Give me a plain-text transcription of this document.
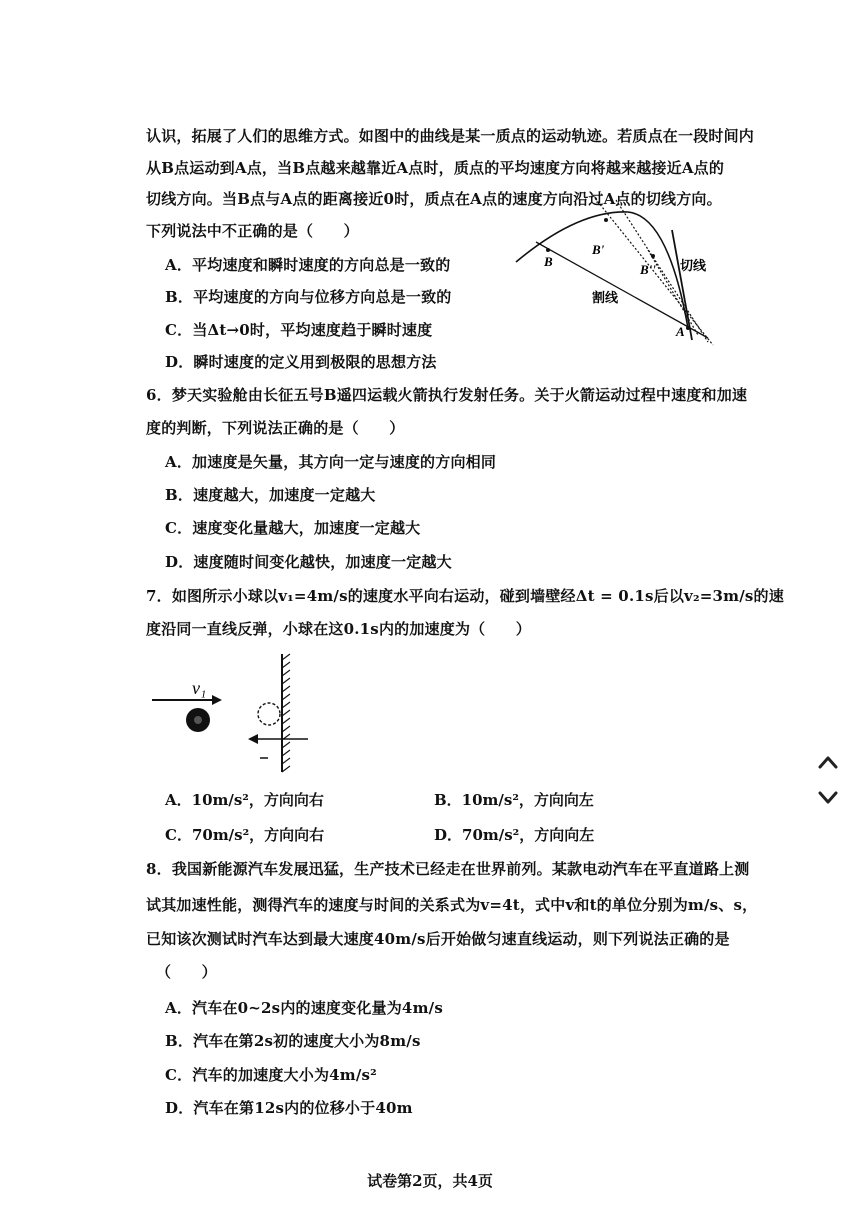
认识，拓展了人们的思维方式。如图中的曲线是某一质点的运动轨迹。若质点在一段时间内
从B点运动到A点，当B点越来越靠近A点时，质点的平均速度方向将越来越接近A点的
切线方向。当B点与A点的距离接近0时，质点在A点的速度方向沿过A点的切线方向。
下列说法中不正确的是（　　）
A．平均速度和瞬时速度的方向总是一致的
B．平均速度的方向与位移方向总是一致的
C．当Δt→0时，平均速度趋于瞬时速度
D．瞬时速度的定义用到极限的思想方法
B
B'
B''
A
切线
割线
6．梦天实验舱由长征五号B遥四运载火箭执行发射任务。关于火箭运动过程中速度和加速
度的判断，下列说法正确的是（　　）
A．加速度是矢量，其方向一定与速度的方向相同
B．速度越大，加速度一定越大
C．速度变化量越大，加速度一定越大
D．速度随时间变化越快，加速度一定越大
7．如图所示小球以v₁=4m/s的速度水平向右运动，碰到墙壁经Δt = 0.1s后以v₂=3m/s的速
度沿同一直线反弹，小球在这0.1s内的加速度为（　　）
v₁
A．10m/s²，方向向右	B．10m/s²，方向向左
C．70m/s²，方向向右	D．70m/s²，方向向左
8．我国新能源汽车发展迅猛，生产技术已经走在世界前列。某款电动汽车在平直道路上测
试其加速性能，测得汽车的速度与时间的关系式为v=4t，式中v和t的单位分别为m/s、s，
已知该次测试时汽车达到最大速度40m/s后开始做匀速直线运动，则下列说法正确的是
（　　）
A．汽车在0~2s内的速度变化量为4m/s
B．汽车在第2s初的速度大小为8m/s
C．汽车的加速度大小为4m/s²
D．汽车在第12s内的位移小于40m
试卷第2页，共4页
